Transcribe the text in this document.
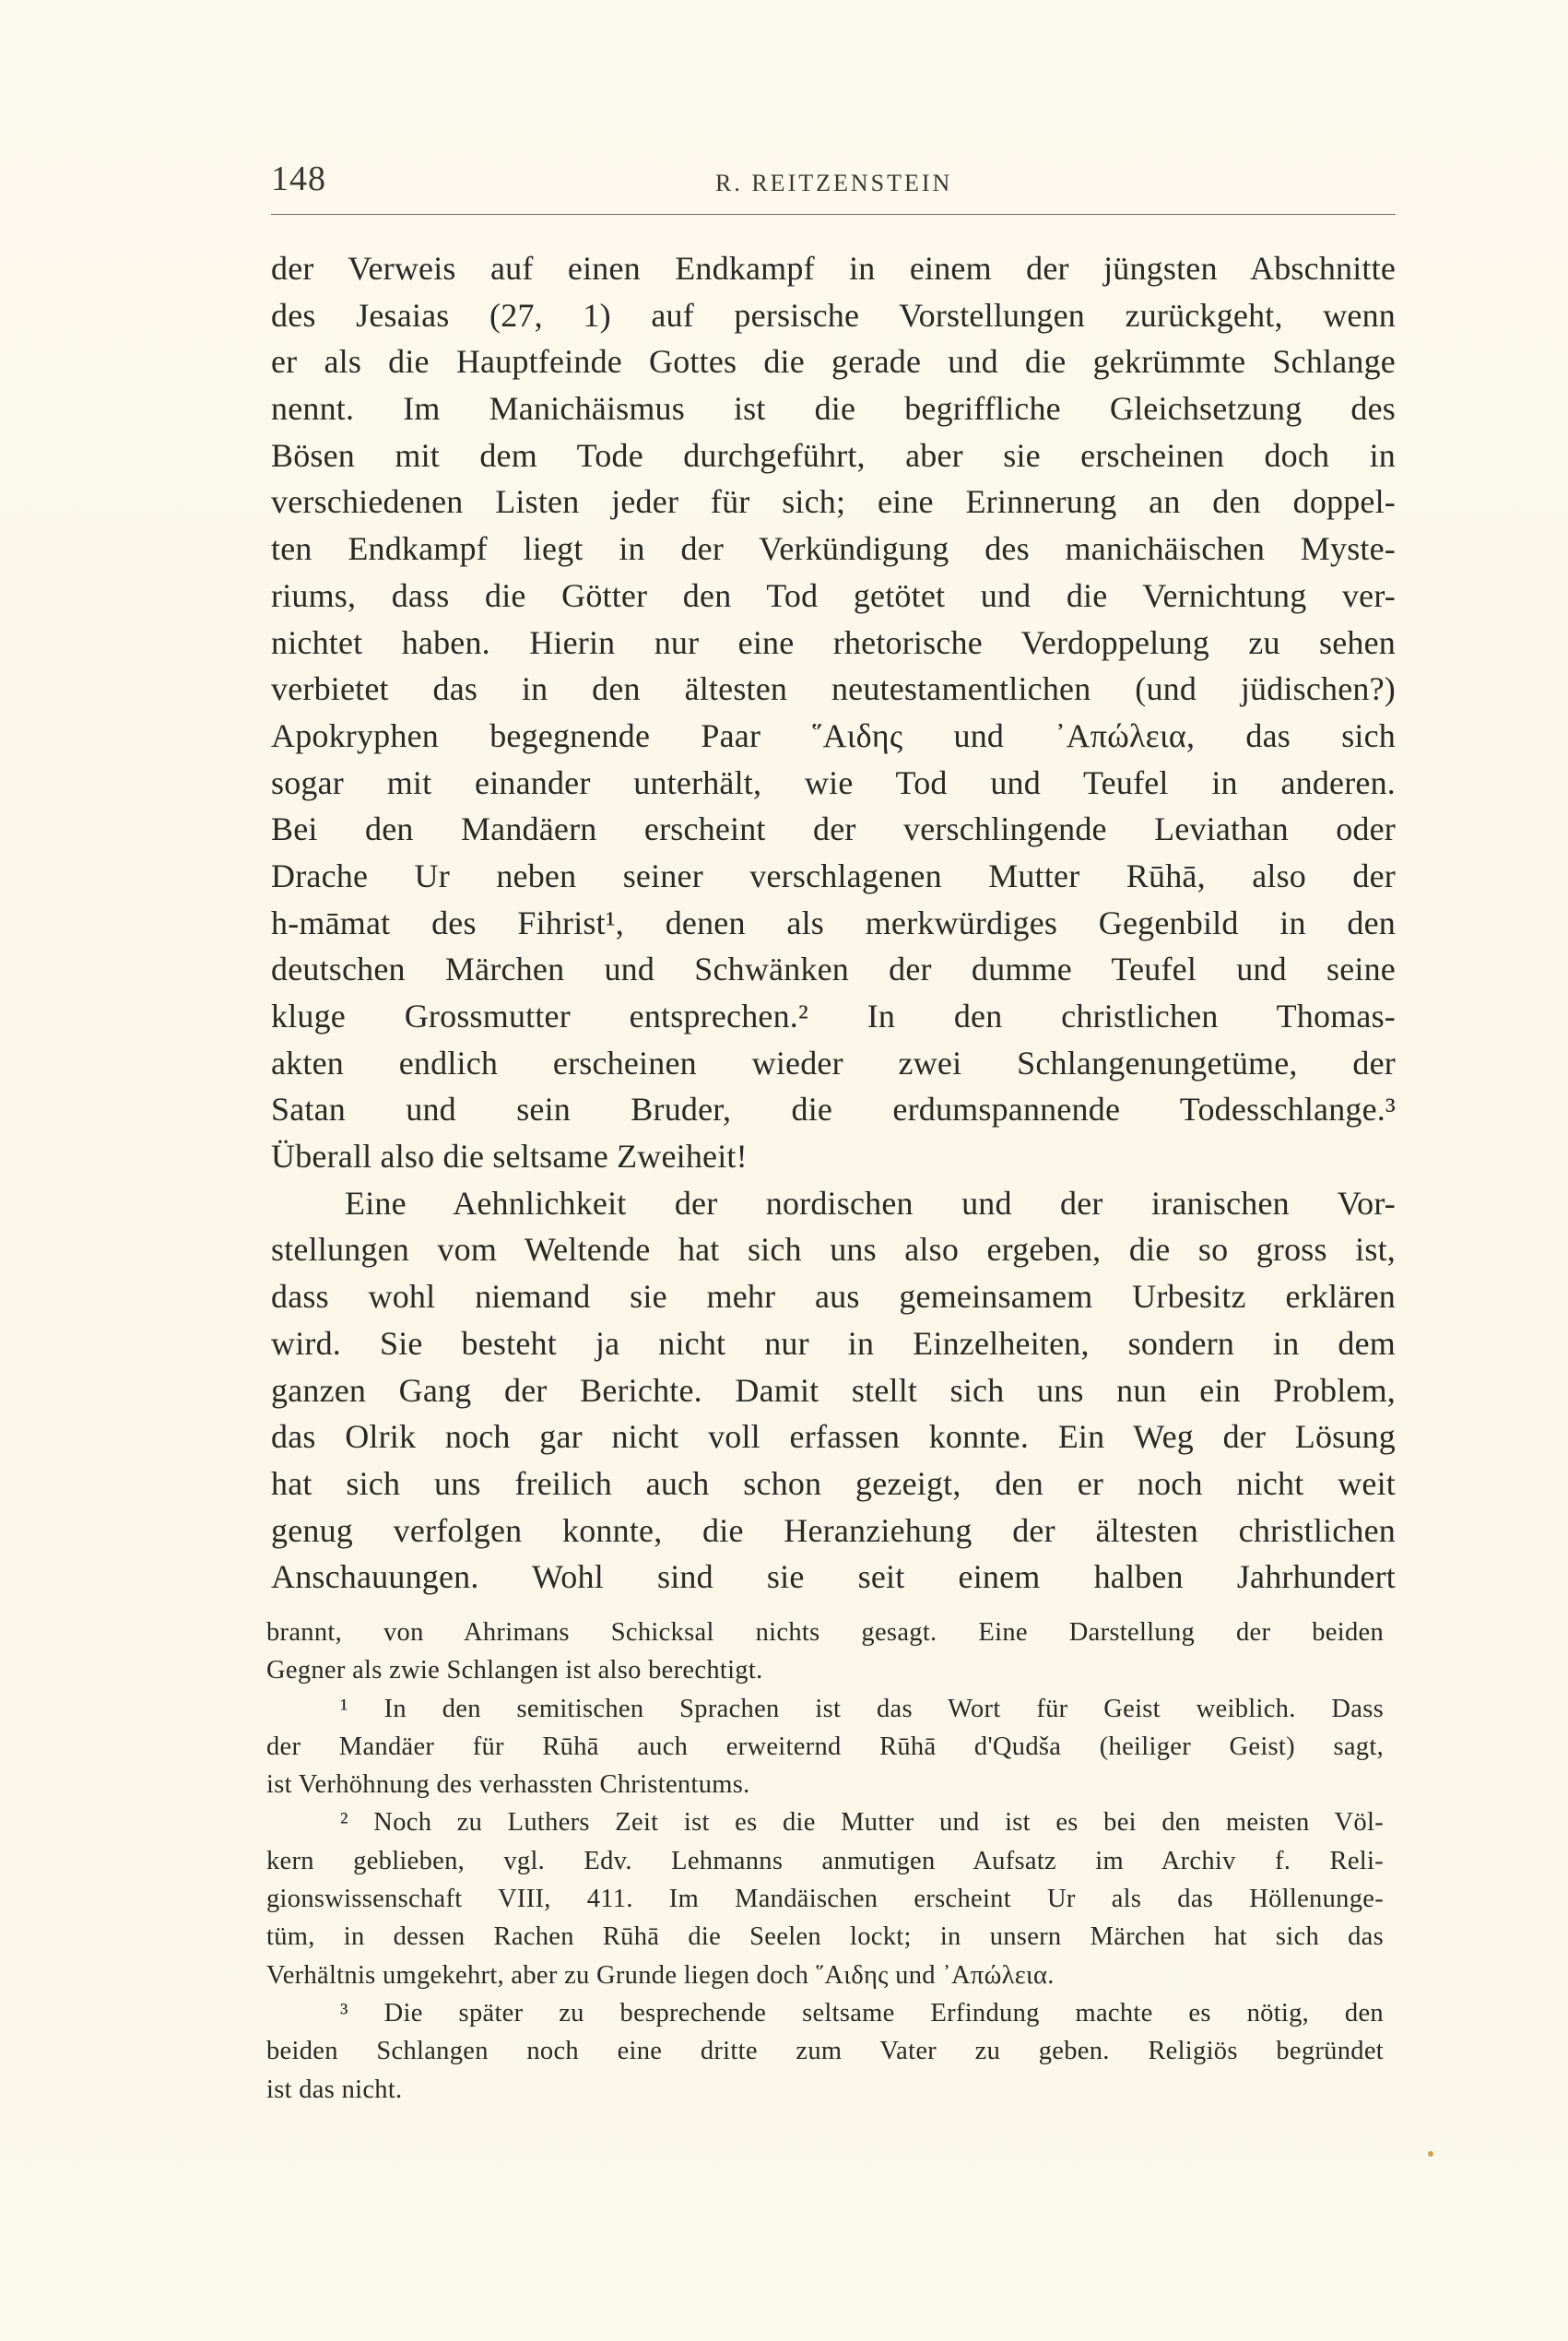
148	R. REITZENSTEIN
der Verweis auf einen Endkampf in einem der jüngsten Abschnitte
des Jesaias (27, 1) auf persische Vorstellungen zurückgeht, wenn
er als die Hauptfeinde Gottes die gerade und die gekrümmte Schlange
nennt. Im Manichäismus ist die begriffliche Gleichsetzung des
Bösen mit dem Tode durchgeführt, aber sie erscheinen doch in
verschiedenen Listen jeder für sich; eine Erinnerung an den doppel-
ten Endkampf liegt in der Verkündigung des manichäischen Myste-
riums, dass die Götter den Tod getötet und die Vernichtung ver-
nichtet haben. Hierin nur eine rhetorische Verdoppelung zu sehen
verbietet das in den ältesten neutestamentlichen (und jüdischen?)
Apokryphen begegnende Paar ῞Αιδης und ᾿Απώλεια, das sich
sogar mit einander unterhält, wie Tod und Teufel in anderen.
Bei den Mandäern erscheint der verschlingende Leviathan oder
Drache Ur neben seiner verschlagenen Mutter Rūhā, also der
h-māmat des Fihrist¹, denen als merkwürdiges Gegenbild in den
deutschen Märchen und Schwänken der dumme Teufel und seine
kluge Grossmutter entsprechen.² In den christlichen Thomas-
akten endlich erscheinen wieder zwei Schlangenungetüme, der
Satan und sein Bruder, die erdumspannende Todesschlange.³
Überall also die seltsame Zweiheit!
Eine Aehnlichkeit der nordischen und der iranischen Vor-
stellungen vom Weltende hat sich uns also ergeben, die so gross ist,
dass wohl niemand sie mehr aus gemeinsamem Urbesitz erklären
wird. Sie besteht ja nicht nur in Einzelheiten, sondern in dem
ganzen Gang der Berichte. Damit stellt sich uns nun ein Problem,
das Olrik noch gar nicht voll erfassen konnte. Ein Weg der Lösung
hat sich uns freilich auch schon gezeigt, den er noch nicht weit
genug verfolgen konnte, die Heranziehung der ältesten christlichen
Anschauungen. Wohl sind sie seit einem halben Jahrhundert
brannt, von Ahrimans Schicksal nichts gesagt. Eine Darstellung der beiden
Gegner als zwie Schlangen ist also berechtigt.
¹ In den semitischen Sprachen ist das Wort für Geist weiblich. Dass
der Mandäer für Rūhā auch erweiternd Rūhā d'Qudša (heiliger Geist) sagt,
ist Verhöhnung des verhassten Christentums.
² Noch zu Luthers Zeit ist es die Mutter und ist es bei den meisten Völ-
kern geblieben, vgl. Edv. Lehmanns anmutigen Aufsatz im Archiv f. Reli-
gionswissenschaft VIII, 411. Im Mandäischen erscheint Ur als das Höllenunge-
tüm, in dessen Rachen Rūhā die Seelen lockt; in unsern Märchen hat sich das
Verhältnis umgekehrt, aber zu Grunde liegen doch ῞Αιδης und ᾿Απώλεια.
³ Die später zu besprechende seltsame Erfindung machte es nötig, den
beiden Schlangen noch eine dritte zum Vater zu geben. Religiös begründet
ist das nicht.
